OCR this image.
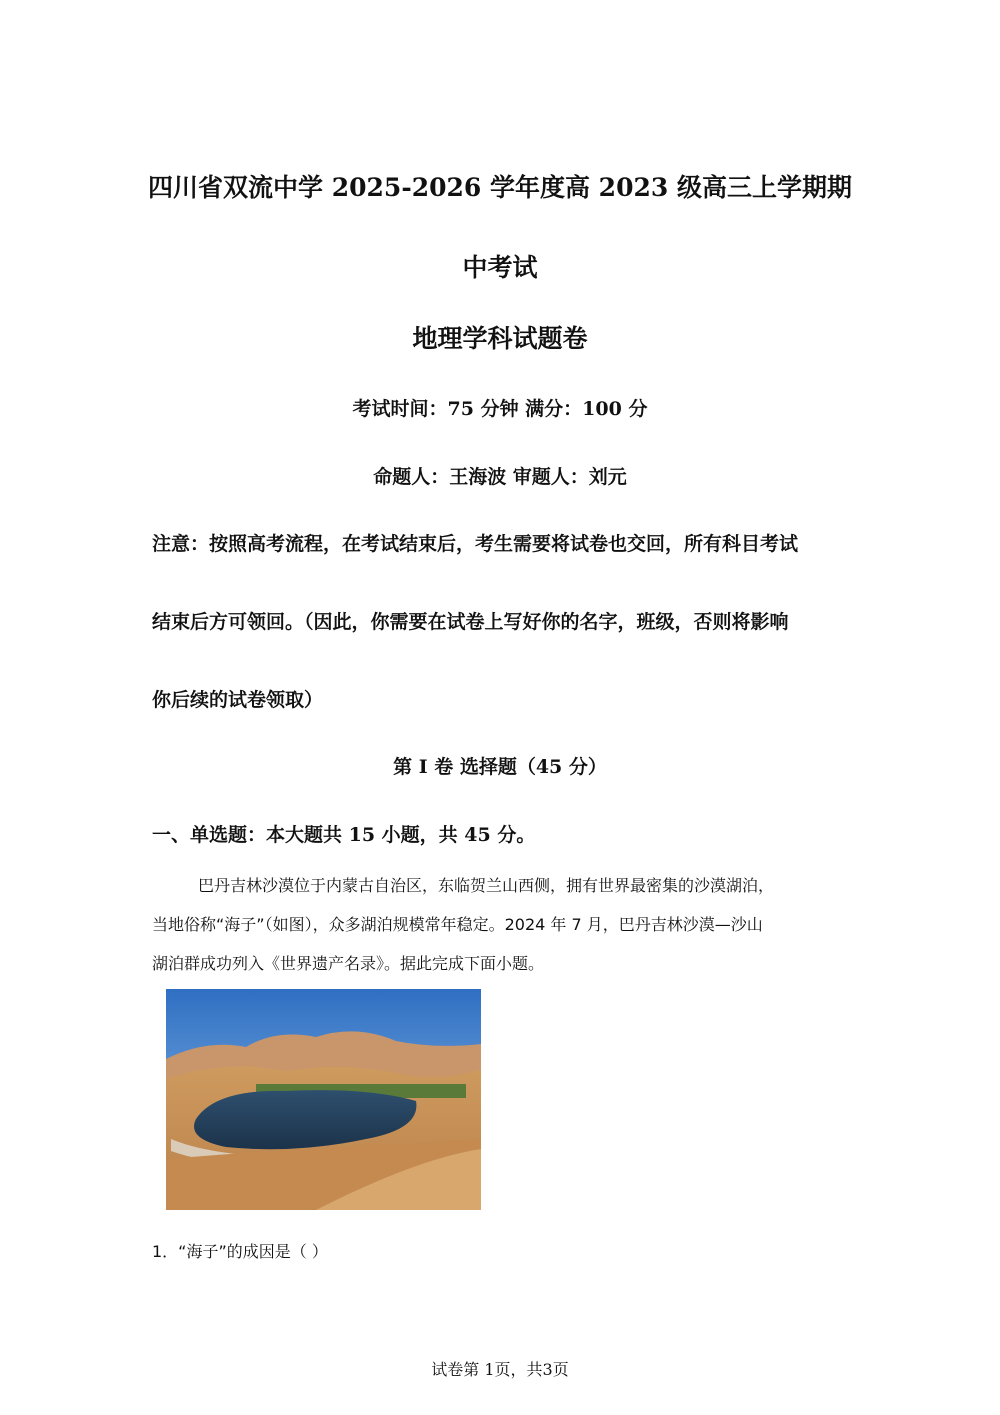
四川省双流中学 2025-2026 学年度高 2023 级高三上学期期
中考试
地理学科试题卷
考试时间：75 分钟 满分：100 分
命题人：王海波 审题人：刘元
注意：按照高考流程，在考试结束后，考生需要将试卷也交回，所有科目考试
结束后方可领回。（因此，你需要在试卷上写好你的名字，班级，否则将影响
你后续的试卷领取）
第 I 卷 选择题（45 分）
一、单选题：本大题共 15 小题，共 45 分。
巴丹吉林沙漠位于内蒙古自治区，东临贺兰山西侧，拥有世界最密集的沙漠湖泊，
当地俗称“海子”（如图），众多湖泊规模常年稳定。2024 年 7 月，巴丹吉林沙漠—沙山
湖泊群成功列入《世界遗产名录》。据此完成下面小题。
1．“海子”的成因是（ ）
试卷第 1页，共3页
